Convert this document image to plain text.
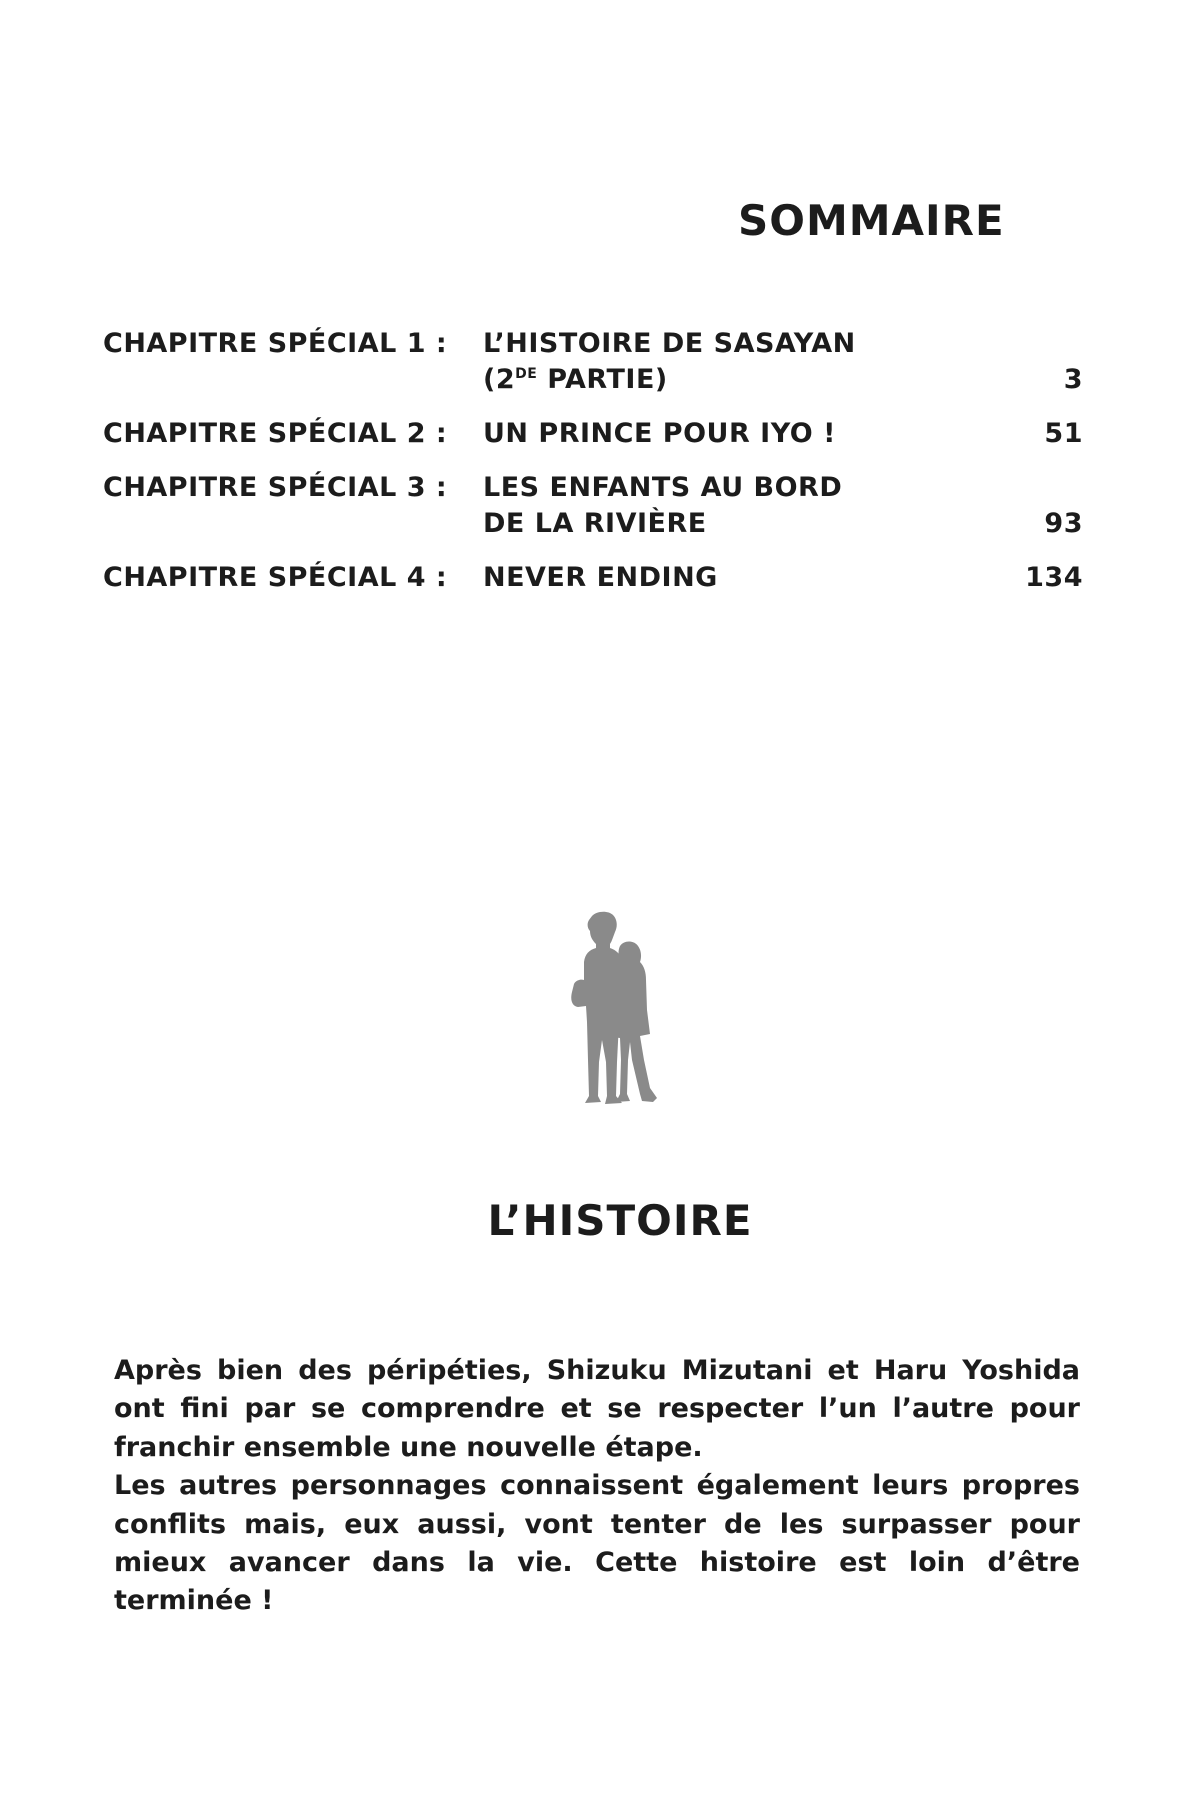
SOMMAIRE
CHAPITRE SPÉCIAL 1 : L’HISTOIRE DE SASAYAN
(2DE PARTIE)	3
CHAPITRE SPÉCIAL 2 : UN PRINCE POUR IYO !	51
CHAPITRE SPÉCIAL 3 : LES ENFANTS AU BORD
DE LA RIVIÈRE	93
CHAPITRE SPÉCIAL 4 : NEVER ENDING	134
L’HISTOIRE

Après bien des péripéties, Shizuku Mizutani et Haru Yoshida ont fini par se comprendre et se respecter l’un l’autre pour franchir ensemble une nouvelle étape.

Les autres personnages connaissent également leurs propres conflits mais, eux aussi, vont tenter de les surpasser pour mieux avancer dans la vie. Cette histoire est loin d’être terminée !
